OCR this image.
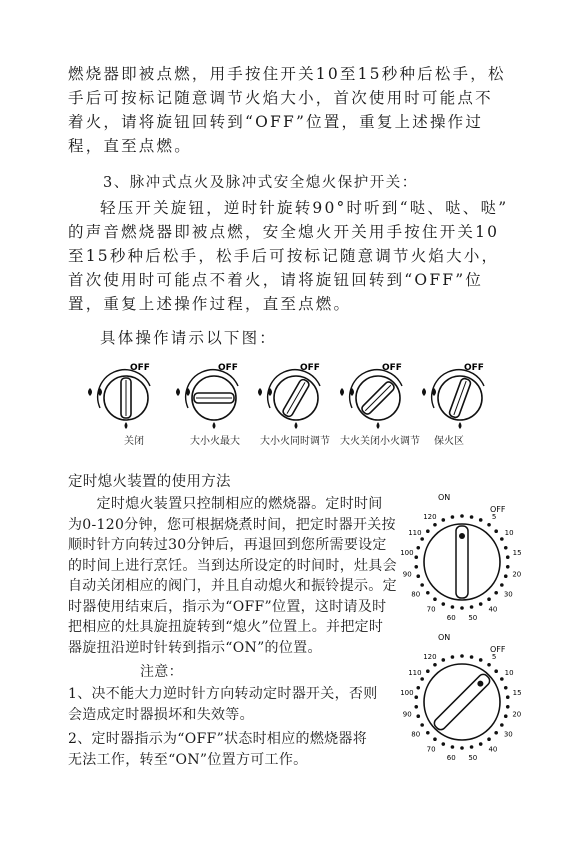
燃烧器即被点燃，用手按住开关10至15秒种后松手，松
手后可按标记随意调节火焰大小，首次使用时可能点不
着火，请将旋钮回转到“OFF”位置，重复上述操作过
程，直至点燃。
3、脉冲式点火及脉冲式安全熄火保护开关：
轻压开关旋钮，逆时针旋转90°时听到“哒、哒、哒”
的声音燃烧器即被点燃，安全熄火开关用手按住开关10
至15秒种后松手，松手后可按标记随意调节火焰大小，
首次使用时可能点不着火，请将旋钮回转到“OFF”位
置，重复上述操作过程，直至点燃。
具体操作请示以下图：
OFF
关闭
OFF
大小火最大
OFF
大小火同时调节
OFF
大火关闭小火调节
OFF
保火区
定时熄火装置的使用方法
　　定时熄火装置只控制相应的燃烧器。定时时间
为0-120分钟，您可根据烧煮时间，把定时器开关按
顺时针方向转过30分钟后，再退回到您所需要设定
的时间上进行烹饪。当到达所设定的时间时，灶具会
自动关闭相应的阀门，并且自动熄火和振铃提示。定
时器使用结束后，指示为“OFF”位置，这时请及时
把相应的灶具旋扭旋转到“熄火”位置上。并把定时
器旋扭沿逆时针转到指示“ON”的位置。
注意：
1、决不能大力逆时针方向转动定时器开关，否则
会造成定时器损坏和失效等。
2、定时器指示为“OFF”状态时相应的燃烧器将
无法工作，转至“ON”位置方可工作。
120
110
100
90
80
70
60 50
40
30
20
15
10
5
ON
OFF
120
110
100
90
80
70
60 50
40
30
20
15
10
5
ON
OFF
